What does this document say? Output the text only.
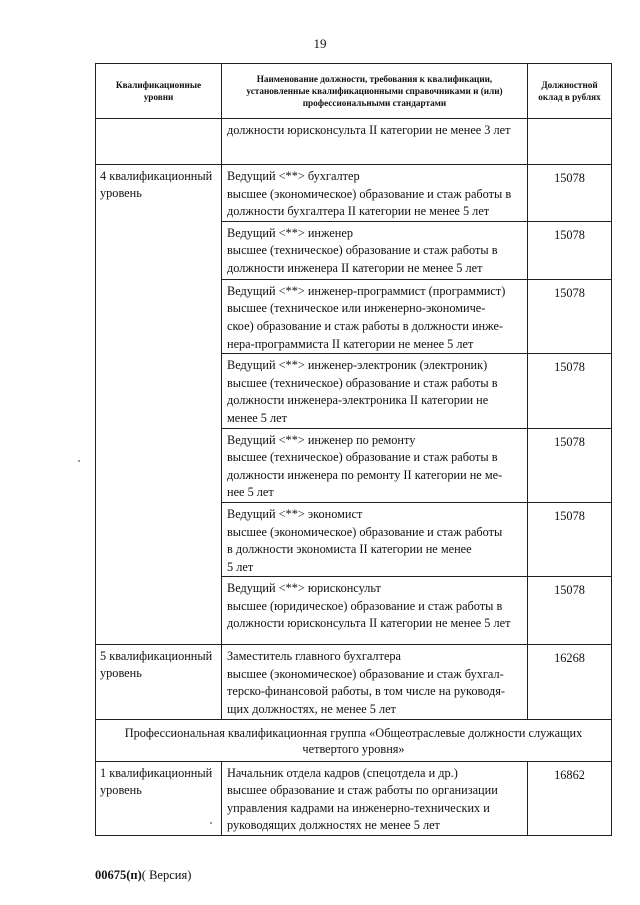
19
Квалификационные уровни	Наименование должности, требования к квалификации, установленные квалификационными справочниками и (или) профессиональными стандартами	Должностной оклад в рублях
	должности юрисконсульта II категории не менее 3 лет	
4 квалификационный уровень	Ведущий <**> бухгалтер
высшее (экономическое) образование и стаж работы в должности бухгалтера II категории не менее 5 лет	15078

	Ведущий <**> инженер
высшее (техническое) образование и стаж работы в должности инженера II категории не менее 5 лет	15078

	Ведущий <**> инженер-программист (программист)
высшее (техническое или инженерно-экономиче-
ское) образование и стаж работы в должности инже-
нера-программиста II категории не менее 5 лет	15078

	Ведущий <**> инженер-электроник (электроник)
высшее (техническое) образование и стаж работы в должности инженера-электроника II категории не менее 5 лет	15078

	Ведущий <**> инженер по ремонту
высшее (техническое) образование и стаж работы в должности инженера по ремонту II категории не ме-
нее 5 лет	15078

	Ведущий <**> экономист
высшее (экономическое) образование и стаж работы
в должности экономиста II категории не менее
5 лет	15078

	Ведущий <**> юрисконсульт
высшее (юридическое) образование и стаж работы в должности юрисконсульта II категории не менее 5 лет	15078
5 квалификационный уровень	Заместитель главного бухгалтера
высшее (экономическое) образование и стаж бухгал-
терско-финансовой работы, в том числе на руководя-
щих должностях, не менее 5 лет	16268
Профессиональная квалификационная группа «Общеотраслевые должности служащих четвертого уровня»		
1 квалификационный уровень	Начальник отдела кадров (спецотдела и др.)
высшее образование и стаж работы по организации управления кадрами на инженерно-технических и руководящих должностях не менее 5 лет	16862
00675(п)( Версия)
